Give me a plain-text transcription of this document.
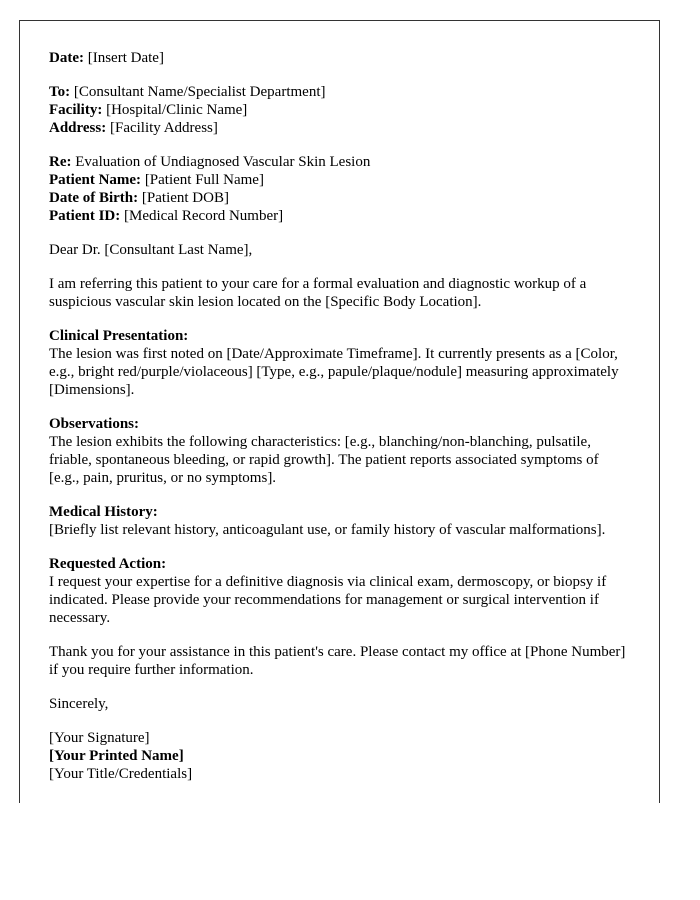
Date: [Insert Date]

To: [Consultant Name/Specialist Department]
Facility: [Hospital/Clinic Name]
Address: [Facility Address]

Re: Evaluation of Undiagnosed Vascular Skin Lesion
Patient Name: [Patient Full Name]
Date of Birth: [Patient DOB]
Patient ID: [Medical Record Number]

Dear Dr. [Consultant Last Name],

I am referring this patient to your care for a formal evaluation and diagnostic workup of a suspicious vascular skin lesion located on the [Specific Body Location].

Clinical Presentation:
The lesion was first noted on [Date/Approximate Timeframe]. It currently presents as a [Color, e.g., bright red/purple/violaceous] [Type, e.g., papule/plaque/nodule] measuring approximately [Dimensions].

Observations:
The lesion exhibits the following characteristics: [e.g., blanching/non-blanching, pulsatile, friable, spontaneous bleeding, or rapid growth]. The patient reports associated symptoms of [e.g., pain, pruritus, or no symptoms].

Medical History:
[Briefly list relevant history, anticoagulant use, or family history of vascular malformations].

Requested Action:
I request your expertise for a definitive diagnosis via clinical exam, dermoscopy, or biopsy if indicated. Please provide your recommendations for management or surgical intervention if necessary.

Thank you for your assistance in this patient's care. Please contact my office at [Phone Number] if you require further information.

Sincerely,

[Your Signature]
[Your Printed Name]
[Your Title/Credentials]
